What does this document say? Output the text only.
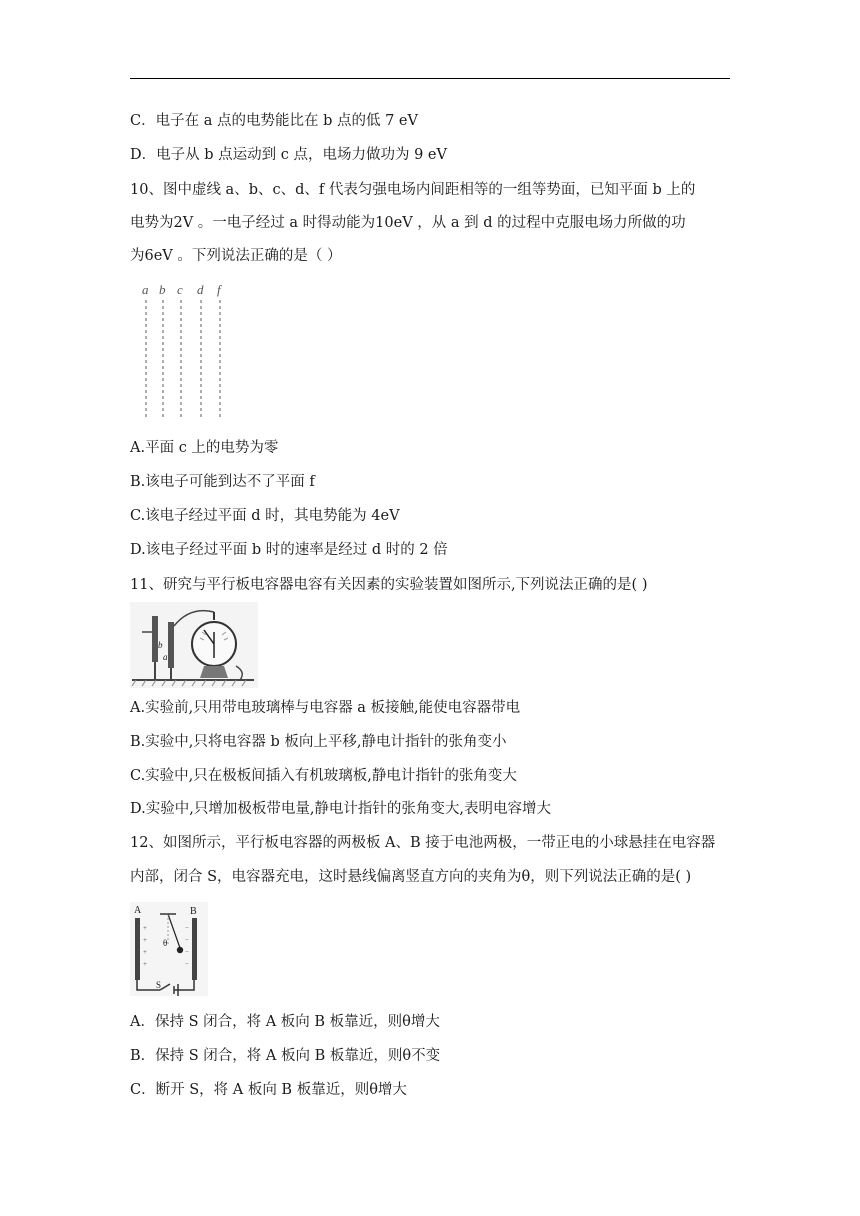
C．电子在 a 点的电势能比在 b 点的低 7 eV
D．电子从 b 点运动到 c 点，电场力做功为 9 eV
10、图中虚线 a、b、c、d、f 代表匀强电场内间距相等的一组等势面，已知平面 b 上的
电势为2V 。一电子经过 a 时得动能为10eV ，从 a 到 d 的过程中克服电场力所做的功
为6eV 。下列说法正确的是（ ）
a b c d f
A.平面 c 上的电势为零
B.该电子可能到达不了平面 f
C.该电子经过平面 d 时，其电势能为 4eV
D.该电子经过平面 b 时的速率是经过 d 时的 2 倍
11、研究与平行板电容器电容有关因素的实验装置如图所示,下列说法正确的是( )
b
a
A.实验前,只用带电玻璃棒与电容器 a 板接触,能使电容器带电
B.实验中,只将电容器 b 板向上平移,静电计指针的张角变小
C.实验中,只在极板间插入有机玻璃板,静电计指针的张角变大
D.实验中,只增加极板带电量,静电计指针的张角变大,表明电容增大
12、如图所示，平行板电容器的两极板 A、B 接于电池两极，一带正电的小球悬挂在电容器
内部，闭合 S，电容器充电，这时悬线偏离竖直方向的夹角为θ，则下列说法正确的是( )
A	B
θ
+
+
+
+
−
−
−
−
S
A．保持 S 闭合，将 A 板向 B 板靠近，则θ增大
B．保持 S 闭合，将 A 板向 B 板靠近，则θ不变
C．断开 S，将 A 板向 B 板靠近，则θ增大
